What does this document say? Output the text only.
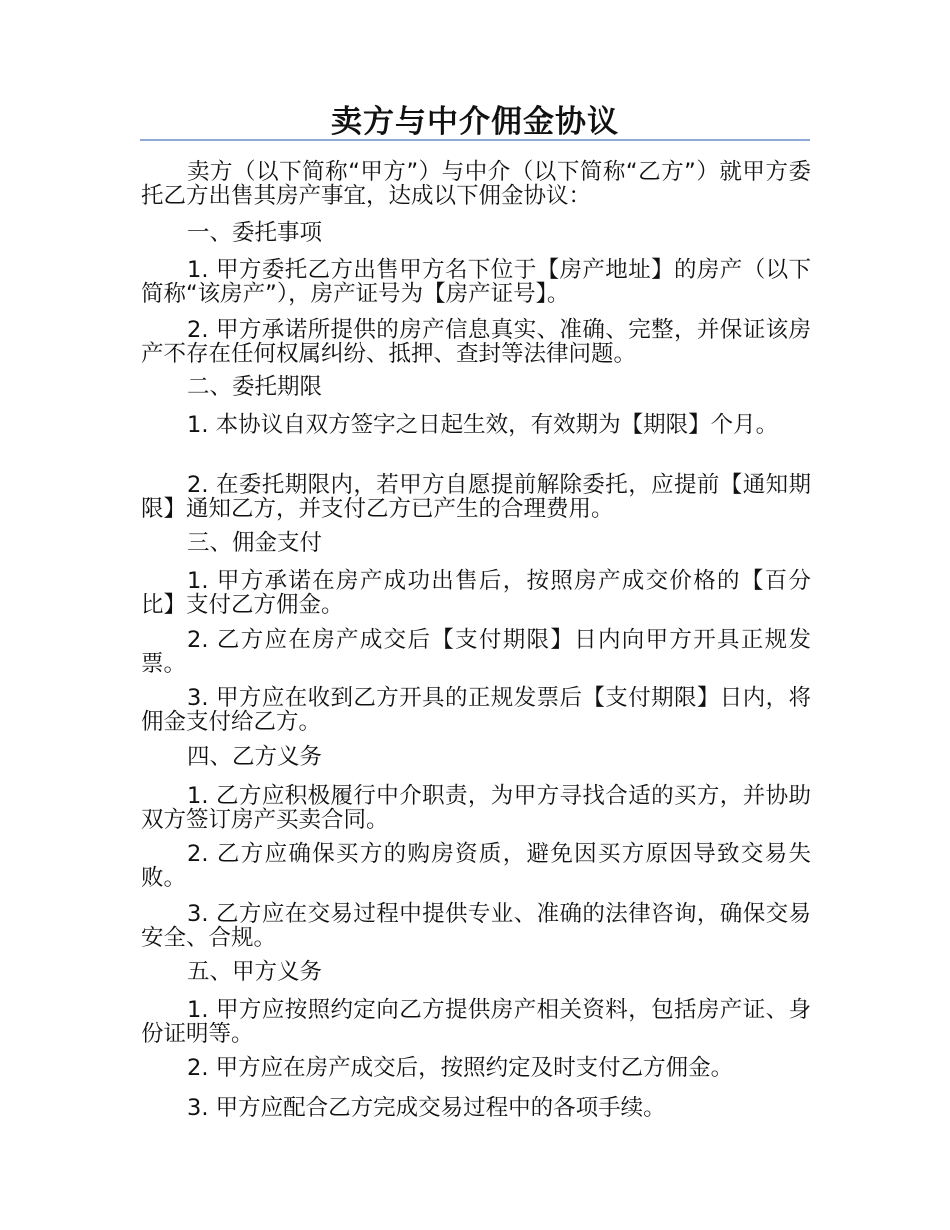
卖方与中介佣金协议

卖方（以下简称“甲方”）与中介（以下简称“乙方”）就甲方委托乙方出售其房产事宜，达成以下佣金协议：

一、委托事项

1. 甲方委托乙方出售甲方名下位于【房产地址】的房产（以下简称“该房产”），房产证号为【房产证号】。

2. 甲方承诺所提供的房产信息真实、准确、完整，并保证该房产不存在任何权属纠纷、抵押、查封等法律问题。

二、委托期限

1. 本协议自双方签字之日起生效，有效期为【期限】个月。

2. 在委托期限内，若甲方自愿提前解除委托，应提前【通知期限】通知乙方，并支付乙方已产生的合理费用。

三、佣金支付

1. 甲方承诺在房产成功出售后，按照房产成交价格的【百分比】支付乙方佣金。

2. 乙方应在房产成交后【支付期限】日内向甲方开具正规发票。

3. 甲方应在收到乙方开具的正规发票后【支付期限】日内，将佣金支付给乙方。

四、乙方义务

1. 乙方应积极履行中介职责，为甲方寻找合适的买方，并协助双方签订房产买卖合同。

2. 乙方应确保买方的购房资质，避免因买方原因导致交易失败。

3. 乙方应在交易过程中提供专业、准确的法律咨询，确保交易安全、合规。

五、甲方义务

1. 甲方应按照约定向乙方提供房产相关资料，包括房产证、身份证明等。

2. 甲方应在房产成交后，按照约定及时支付乙方佣金。

3. 甲方应配合乙方完成交易过程中的各项手续。
